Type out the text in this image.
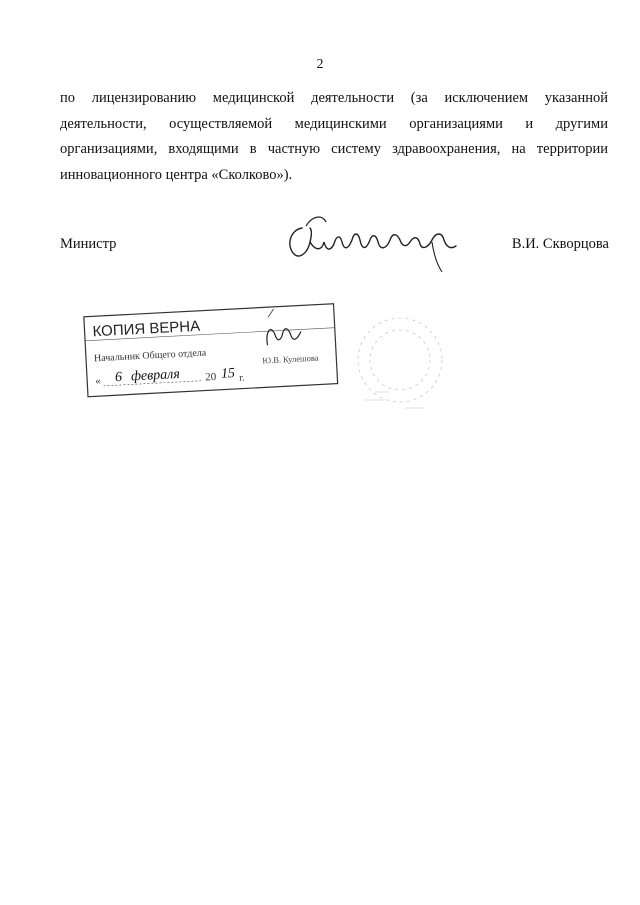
2
по лицензированию медицинской деятельности (за исключением указанной
деятельности, осуществляемой медицинскими организациями и другими
организациями, входящими в частную систему здравоохранения, на территории
инновационного центра «Сколково»).
Министр	В.И. Скворцова
КОПИЯ ВЕРНА
Начальник Общего отдела	Ю.В. Кулешова
« 6 февраля 20 15 г.
